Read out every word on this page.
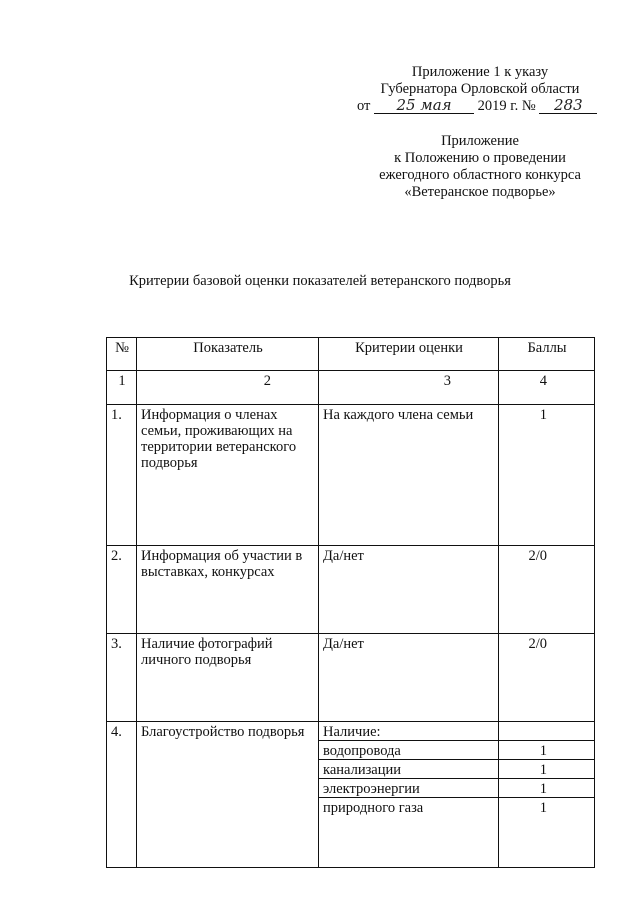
Приложение 1 к указу
Губернатора Орловской области
от 25 мая 2019 г. № 283
Приложение
к Положению о проведении
ежегодного областного конкурса
«Ветеранское подворье»
Критерии базовой оценки показателей ветеранского подворья
№	Показатель	Критерии оценки	Баллы
1	2	3	4
1.	Информация о членах семьи, проживающих на территории ветеранского подворья	На каждого члена семьи	1
2.	Информация об участии в выставках, конкурсах	Да/нет	2/0
3.	Наличие фотографий личного подворья	Да/нет	2/0
4.	Благоустройство подворья	Наличие:	
		водопровода	1
		канализации	1
		электроэнергии	1
		природного газа	1
